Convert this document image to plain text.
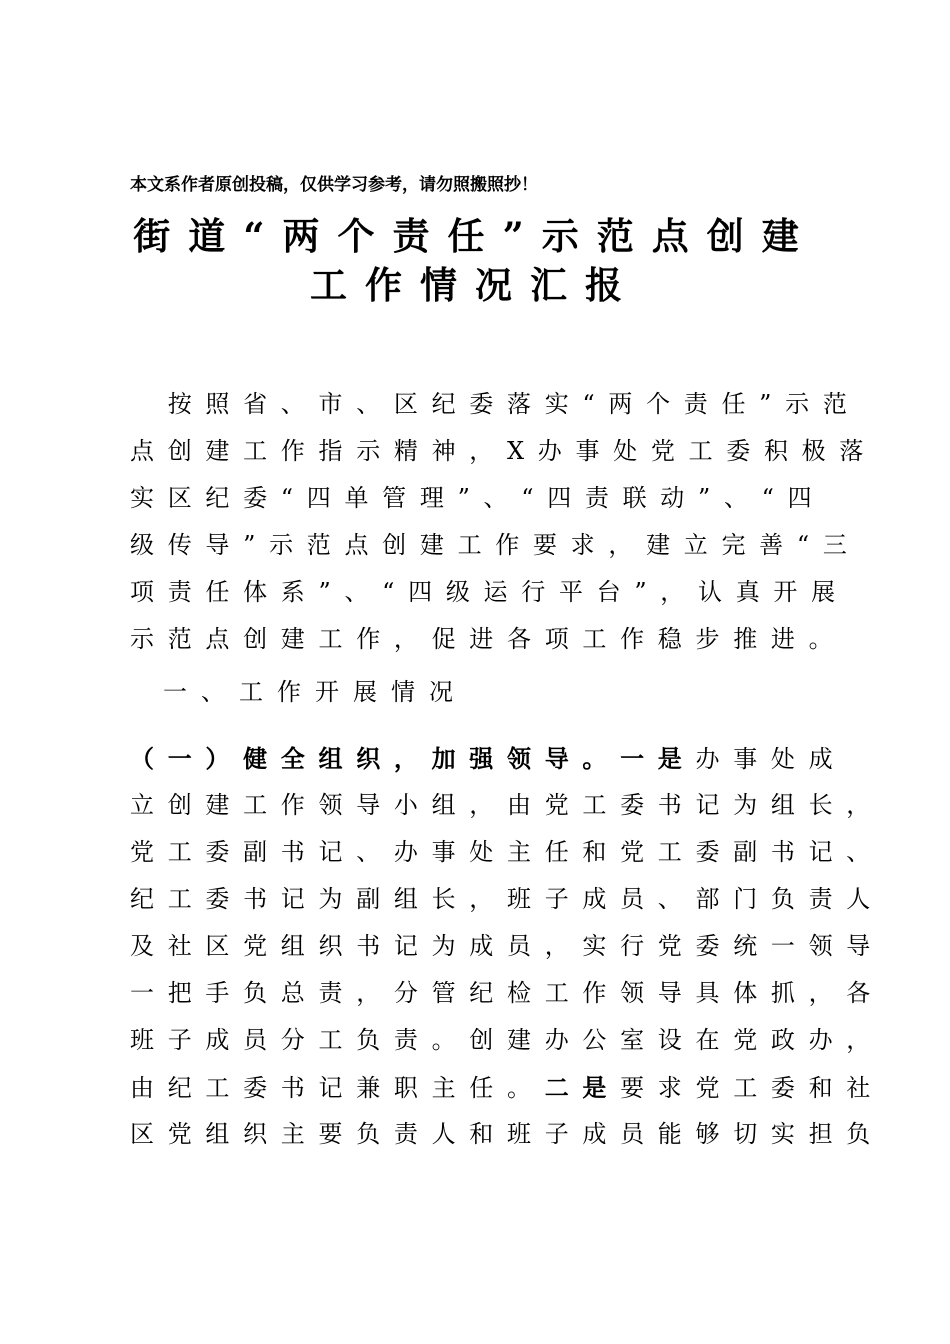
本文系作者原创投稿，仅供学习参考，请勿照搬照抄！
街道“两个责任”示范点创建
工作情况汇报
　按照省、市、区纪委落实“两个责任”示范
点创建工作指示精神，X办事处党工委积极落
实区纪委“四单管理”、“四责联动”、“四
级传导”示范点创建工作要求，建立完善“三
项责任体系”、“四级运行平台”，认真开展
示范点创建工作，促进各项工作稳步推进。
一、工作开展情况
（一）健全组织，加强领导。一是办事处成
立创建工作领导小组，由党工委书记为组长，
党工委副书记、办事处主任和党工委副书记、
纪工委书记为副组长，班子成员、部门负责人
及社区党组织书记为成员，实行党委统一领导
一把手负总责，分管纪检工作领导具体抓，各
班子成员分工负责。创建办公室设在党政办，
由纪工委书记兼职主任。二是要求党工委和社
区党组织主要负责人和班子成员能够切实担负
